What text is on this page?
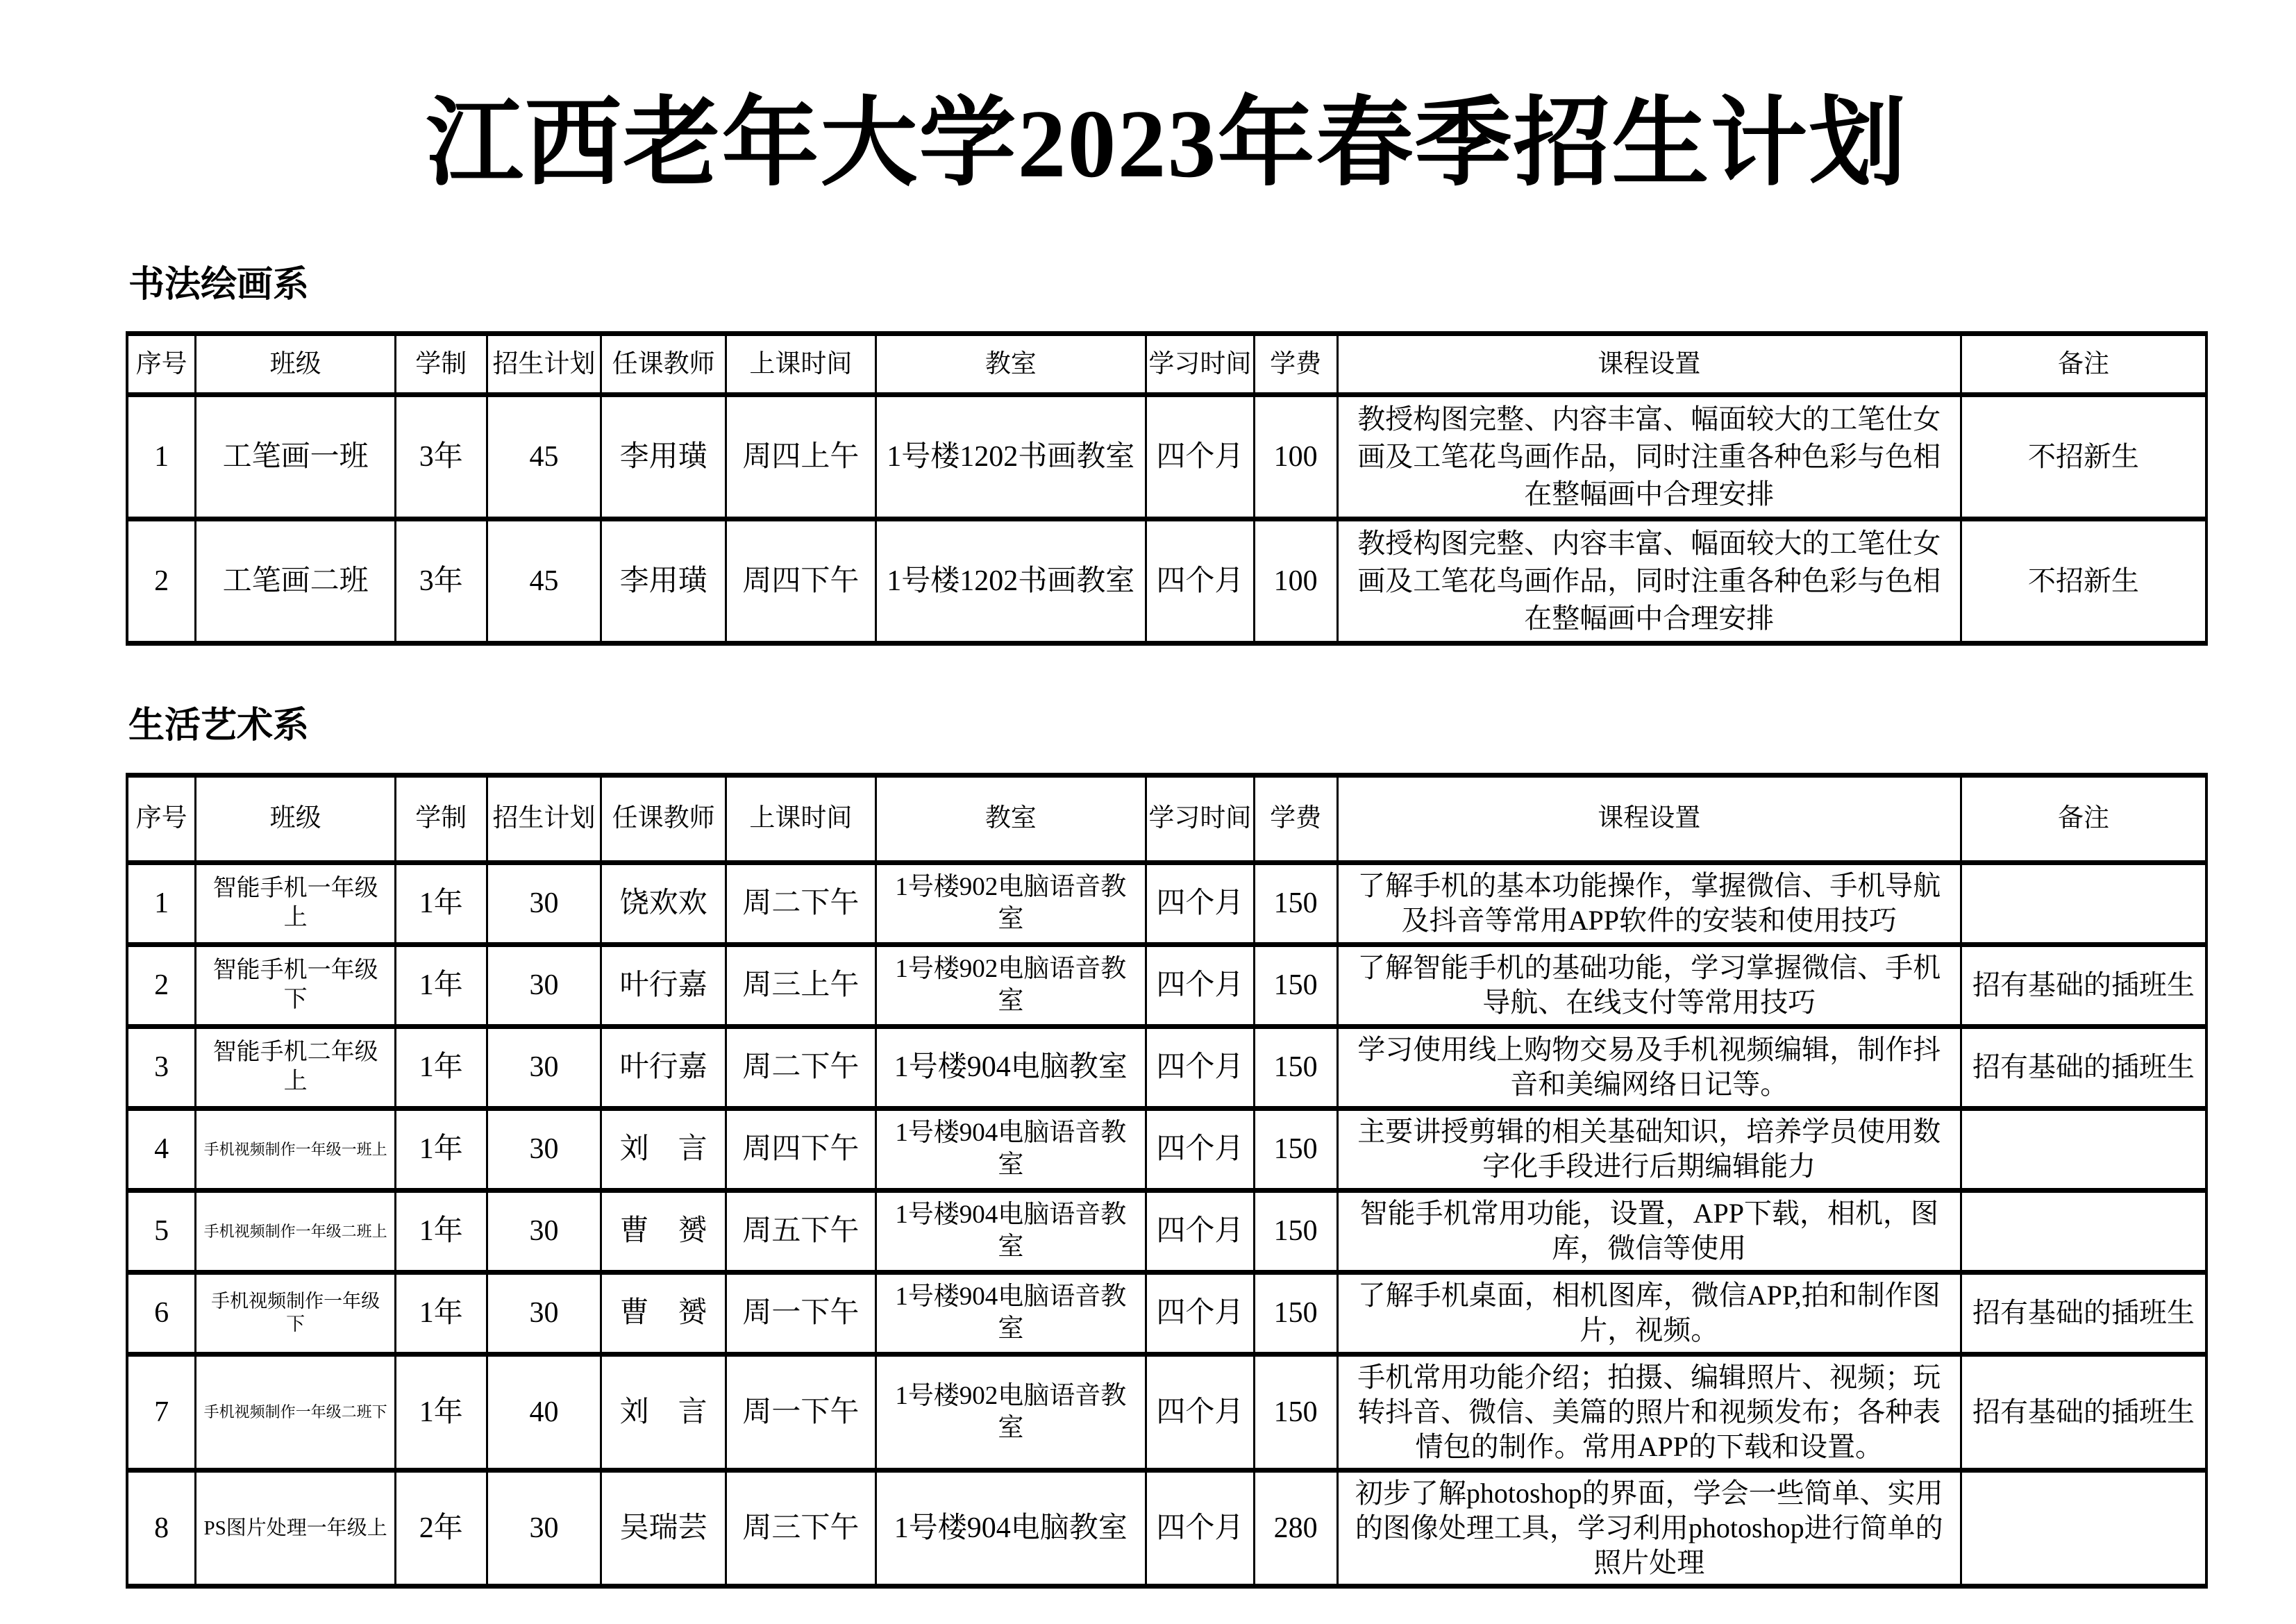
江西老年大学2023年春季招生计划
书法绘画系
序号	班级	学制	招生计划	任课教师	上课时间	教室	学习时间	学费	课程设置	备注
1	工笔画一班	3年	45	李用璜	周四上午	1号楼1202书画教室	四个月	100	教授构图完整、内容丰富、幅面较大的工笔仕女画及工笔花鸟画作品，同时注重各种色彩与色相在整幅画中合理安排	不招新生
2	工笔画二班	3年	45	李用璜	周四下午	1号楼1202书画教室	四个月	100	教授构图完整、内容丰富、幅面较大的工笔仕女画及工笔花鸟画作品，同时注重各种色彩与色相在整幅画中合理安排	不招新生
生活艺术系
序号	班级	学制	招生计划	任课教师	上课时间	教室	学习时间	学费	课程设置	备注
1	智能手机一年级上	1年	30	饶欢欢	周二下午	1号楼902电脑语音教室	四个月	150	了解手机的基本功能操作，掌握微信、手机导航及抖音等常用APP软件的安装和使用技巧	
2	智能手机一年级下	1年	30	叶行嘉	周三上午	1号楼902电脑语音教室	四个月	150	了解智能手机的基础功能，学习掌握微信、手机导航、在线支付等常用技巧	招有基础的插班生
3	智能手机二年级上	1年	30	叶行嘉	周二下午	1号楼904电脑教室	四个月	150	学习使用线上购物交易及手机视频编辑，制作抖音和美编网络日记等。	招有基础的插班生
4	手机视频制作一年级一班上	1年	30	刘　言	周四下午	1号楼904电脑语音教室	四个月	150	主要讲授剪辑的相关基础知识，培养学员使用数字化手段进行后期编辑能力	
5	手机视频制作一年级二班上	1年	30	曹　赟	周五下午	1号楼904电脑语音教室	四个月	150	智能手机常用功能，设置，APP下载，相机，图库，微信等使用	
6	手机视频制作一年级下	1年	30	曹　赟	周一下午	1号楼904电脑语音教室	四个月	150	了解手机桌面，相机图库，微信APP,拍和制作图片，视频。	招有基础的插班生
7	手机视频制作一年级二班下	1年	40	刘　言	周一下午	1号楼902电脑语音教室	四个月	150	手机常用功能介绍；拍摄、编辑照片、视频；玩转抖音、微信、美篇的照片和视频发布；各种表情包的制作。常用APP的下载和设置。	招有基础的插班生
8	PS图片处理一年级上	2年	30	吴瑞芸	周三下午	1号楼904电脑教室	四个月	280	初步了解photoshop的界面，学会一些简单、实用的图像处理工具，学习利用photoshop进行简单的照片处理	
